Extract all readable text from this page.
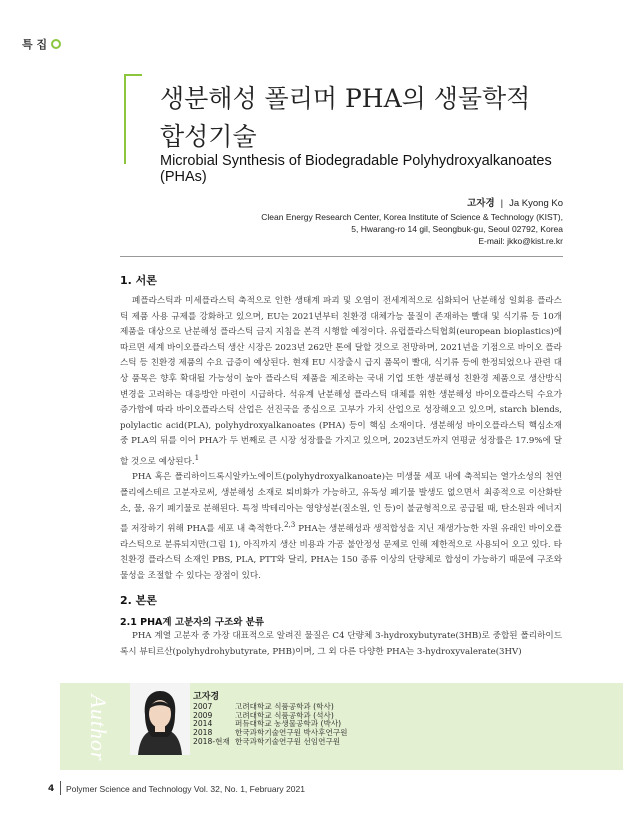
특 집
생분해성 폴리머 PHA의 생물학적
합성기술
Microbial Synthesis of Biodegradable Polyhydroxyalkanoates (PHAs)
고자경 | Ja Kyong Ko
Clean Energy Research Center, Korea Institute of Science & Technology (KIST),
5, Hwarang-ro 14 gil, Seongbuk-gu, Seoul 02792, Korea
E-mail: jkko@kist.re.kr
1. 서론

폐플라스틱과 미세플라스틱 축적으로 인한 생태계 파괴 및 오염이 전세계적으로 심화되어 난분해성 일회용 플라스틱 제품 사용 규제를 강화하고 있으며, EU는 2021년부터 친환경 대체가능 물질이 존재하는 빨대 및 식기류 등 10개 제품을 대상으로 난분해성 플라스틱 금지 지침을 본격 시행할 예정이다. 유럽플라스틱협회(european bioplastics)에 따르면 세계 바이오플라스틱 생산 시장은 2023년 262만 톤에 달할 것으로 전망하며, 2021년을 기점으로 바이오 플라스틱 등 친환경 제품의 수요 급증이 예상된다. 현재 EU 시장출시 급지 품목이 빨대, 식기류 등에 한정되었으나 관련 대상 품목은 향후 확대될 가능성이 높아 플라스틱 제품을 제조하는 국내 기업 또한 생분해성 친환경 제품으로 생산방식 변경을 고려하는 대응방안 마련이 시급하다. 석유계 난분해성 플라스틱 대체를 위한 생분해성 바이오플라스틱 수요가 증가함에 따라 바이오플라스틱 산업은 선진국을 중심으로 고부가 가치 산업으로 성장해오고 있으며, starch blends, polylactic acid(PLA), polyhydroxyalkanoates (PHA) 등이 핵심 소재이다. 생분해성 바이오플라스틱 핵심소재 중 PLA의 뒤를 이어 PHA가 두 번째로 큰 시장 성장률을 가지고 있으며, 2023년도까지 연평균 성장률은 17.9%에 달할 것으로 예상된다.$^1$

PHA 혹은 폴리하이드록시알카노에이트(polyhydroxyalkanoate)는 미생물 세포 내에 축적되는 열가소성의 천연 폴리에스테르 고분자로써, 생분해성 소재로 퇴비화가 가능하고, 유독성 폐기물 발생도 없으면서 최종적으로 이산화탄소, 물, 유기 폐기물로 분해된다. 특정 박테리아는 영양성분(질소원, 인 등)이 불균형적으로 공급될 때, 탄소원과 에너지를 저장하기 위해 PHA를 세포 내 축적한다.$^{2,3}$ PHA는 생분해성과 생적합성을 지닌 재생가능한 자원 유래인 바이오플라스틱으로 분류되지만(그림 1), 아직까지 생산 비용과 가공 불안정성 문제로 인해 제한적으로 사용되어 오고 있다. 타 친환경 플라스틱 소재인 PBS, PLA, PTT와 달리, PHA는 150 종류 이상의 단량체로 합성이 가능하기 때문에 구조와 물성을 조절할 수 있다는 장점이 있다.

2. 본론
2.1 PHA계 고분자의 구조와 분류

PHA 계열 고분자 중 가장 대표적으로 알려진 물질은 C4 단량체 3-hydroxybutyrate(3HB)로 중합된 폴리하이드록시 뷰티르산(polyhydrohybutyrate, PHB)이며, 그 외 다른 다양한 PHA는 3-hydroxyvalerate(3HV)

Author	고자경
2007	고려대학교 식품공학과 (학사)
2009	고려대학교 식품공학과 (석사)
2014	퍼듀대학교 농생물공학과 (박사)
2018	한국과학기술연구원 박사후연구원
2018-현재 한국과학기술연구원 선임연구원
4 Polymer Science and Technology Vol. 32, No. 1, February 2021
